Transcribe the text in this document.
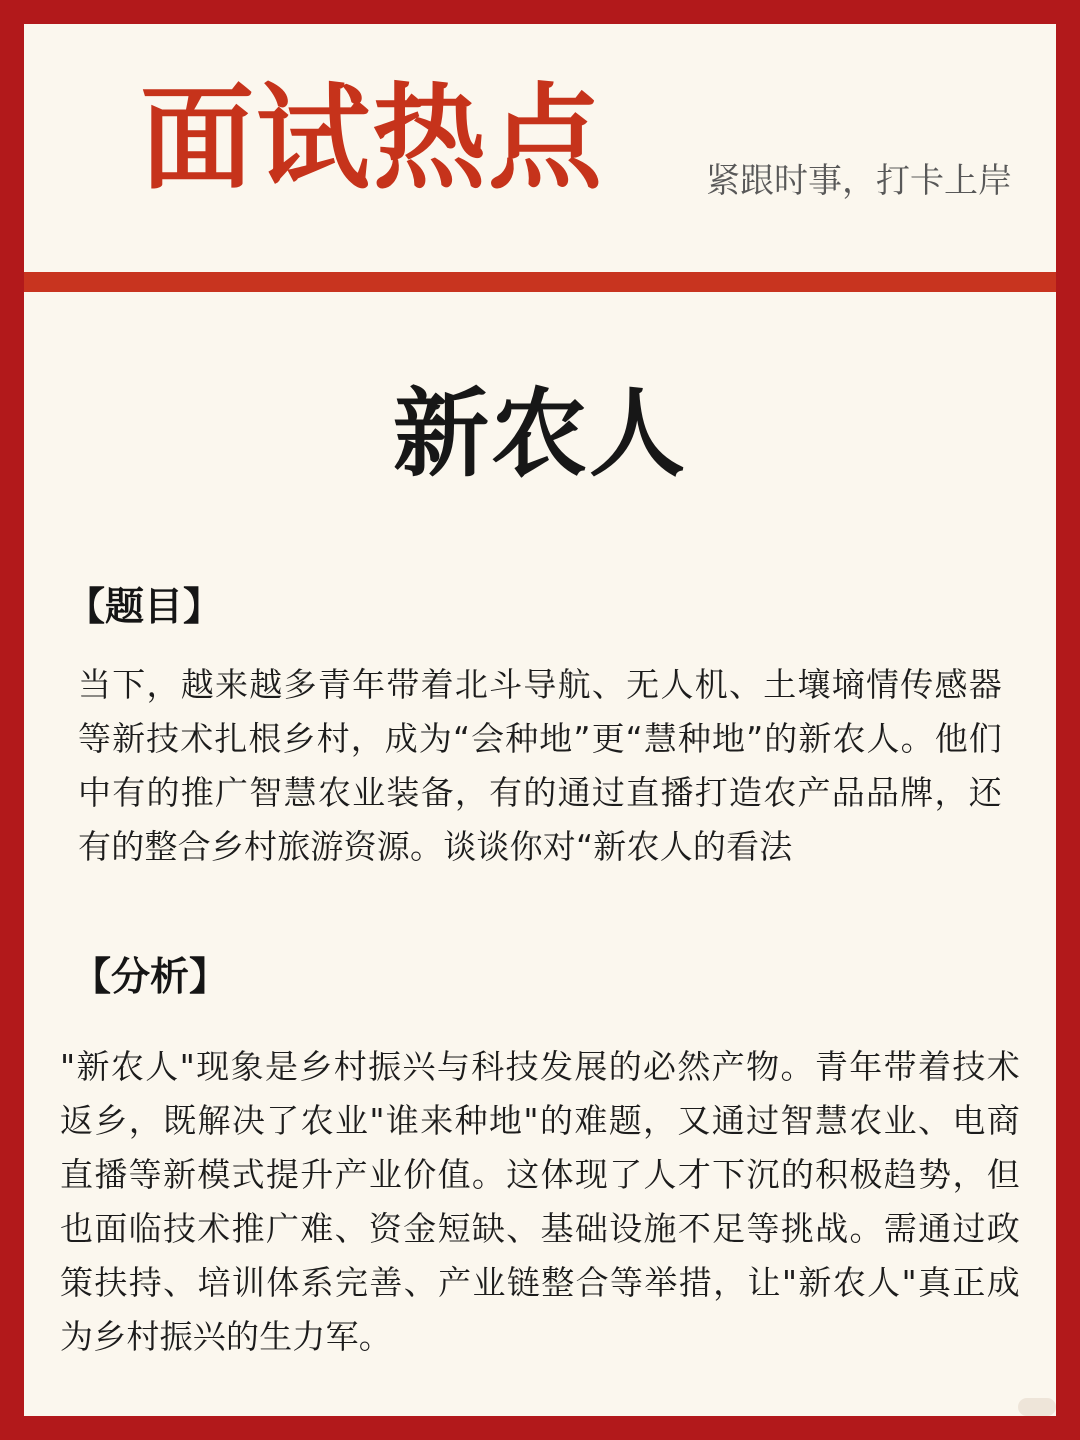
面试热点	紧跟时事，打卡上岸

新农人
【题目】

当下，越来越多青年带着北斗导航、无人机、土壤墒情传感器等新技术扎根乡村，成为“会种地”更“慧种地”的新农人。他们中有的推广智慧农业装备，有的通过直播打造农产品品牌，还有的整合乡村旅游资源。谈谈你对“新农人的看法

【分析】

"新农人"现象是乡村振兴与科技发展的必然产物。青年带着技术返乡，既解决了农业"谁来种地"的难题，又通过智慧农业、电商直播等新模式提升产业价值。这体现了人才下沉的积极趋势，但也面临技术推广难、资金短缺、基础设施不足等挑战。需通过政策扶持、培训体系完善、产业链整合等举措，让"新农人"真正成为乡村振兴的生力军。
